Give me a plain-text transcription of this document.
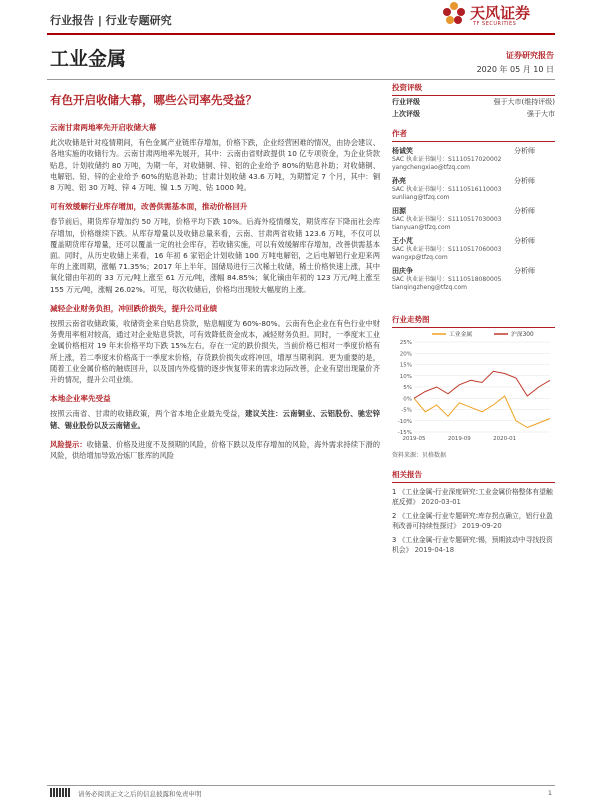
行业报告 | 行业专题研究	天风证券
TF SECURITIES
工业金属	证券研究报告
2020 年 05 月 10 日
有色开启收储大幕，哪些公司率先受益？
云南甘肃两地率先开启收储大幕

此次收储是针对疫情期间，有色金属产业链库存增加，价格下跌，企业经营困难的情况，由协会建议、各地实施的收储行为。云南甘肃两地率先展开，其中：云南由省财政提供 10 亿专项资金，为企业贷款贴息，计划收储约 80 万吨，为期一年，对收储铜、锌、铝的企业给予 80%的贴息补助；对收储铜、电解铝、铅、锌的企业给予 60%的贴息补助；甘肃计划收储 43.6 万吨，为期暂定 7 个月，其中：铜 8 万吨、铝 30 万吨、锌 4 万吨、镍 1.5 万吨、钴 1000 吨。

可有效缓解行业库存增加，改善供需基本面，推动价格回升

春节前后，期货库存增加约 50 万吨，价格平均下跌 10%。后海外疫情爆发，期货库存下降而社会库存增加，价格继续下跌。从库存增量以及收储总量来看，云南、甘肃两省收储 123.6 万吨，不仅可以覆盖期货库存增量，还可以覆盖一定的社会库存，若收储实施，可以有效缓解库存增加，改善供需基本面。同时，从历史收储上来看，16 年初 6 家铝企计划收储 100 万吨电解铝，之后电解铝行业迎来两年的上涨周期，涨幅 71.35%；2017 年上半年，国储局进行三次稀土收储，稀土价格快速上涨，其中氧化镨由年初的 33 万元/吨上涨至 61 万元/吨，涨幅 84.85%；氧化镝由年初的 123 万元/吨上涨至 155 万元/吨，涨幅 26.02%。可见，每次收储后，价格均出现较大幅度的上涨。

减轻企业财务负担，冲回跌价损失，提升公司业绩

按照云南省收储政策，收储资金来自贴息贷款，贴息幅度为 60%-80%。云南有色企业在有色行业中财务费用率相对较高，通过对企业贴息贷款，可有效降低资金成本，减轻财务负担。同时，一季度末工业金属价格相对 19 年末价格平均下跌 15%左右，存在一定的跌价损失，当前价格已相对一季度价格有所上涨，若二季度末价格高于一季度末价格，存货跌价损失或将冲回，增厚当期利润。更为重要的是，随着工业金属价格的触底回升，以及国内外疫情的逐步恢复带来的需求边际改善，企业有望出现量价齐升的情况，提升公司业绩。

本地企业率先受益

按照云南省、甘肃的收储政策，两个省本地企业最先受益，建议关注：云南铜业、云铝股份、驰宏锌锗、锡业股份以及云南锗业。

风险提示：收储量、价格及进度不及预期的风险，价格下跌以及库存增加的风险，海外需求持续下滑的风险，供给增加导致冶炼厂胀库的风险

投资评级
行业评级	强于大市(维持评级)
上次评级	强于大市
作者
杨诚笑	分析师
SAC 执业证书编号：S1110517020002
yangchengxiao@tfzq.com
孙亮	分析师
SAC 执业证书编号：S1110516110003
sunliang@tfzq.com
田源	分析师
SAC 执业证书编号：S1110517030003
tianyuan@tfzq.com
王小芃	分析师
SAC 执业证书编号：S1110517060003
wangxp@tfzq.com
田庆争	分析师
SAC 执业证书编号：S1110518080005
tianqingzheng@tfzq.com
行业走势图
25%
20%
15%
10%
5%
0%
-5%
-10%
-15%
2019-05	2019-09	2020-01
工业金属	沪深300
资料来源：贝格数据
相关报告
1 《工业金属-行业深度研究:工业金属价格整体有望触底反弹》 2020-03-01
2 《工业金属-行业专题研究:库存拐点确立，铝行业盈利改善可持续性探讨》 2019-09-20
3 《工业金属-行业专题研究:锡，预期波动中寻找投资机会》 2019-04-18
请务必阅读正文之后的信息披露和免责申明	1
